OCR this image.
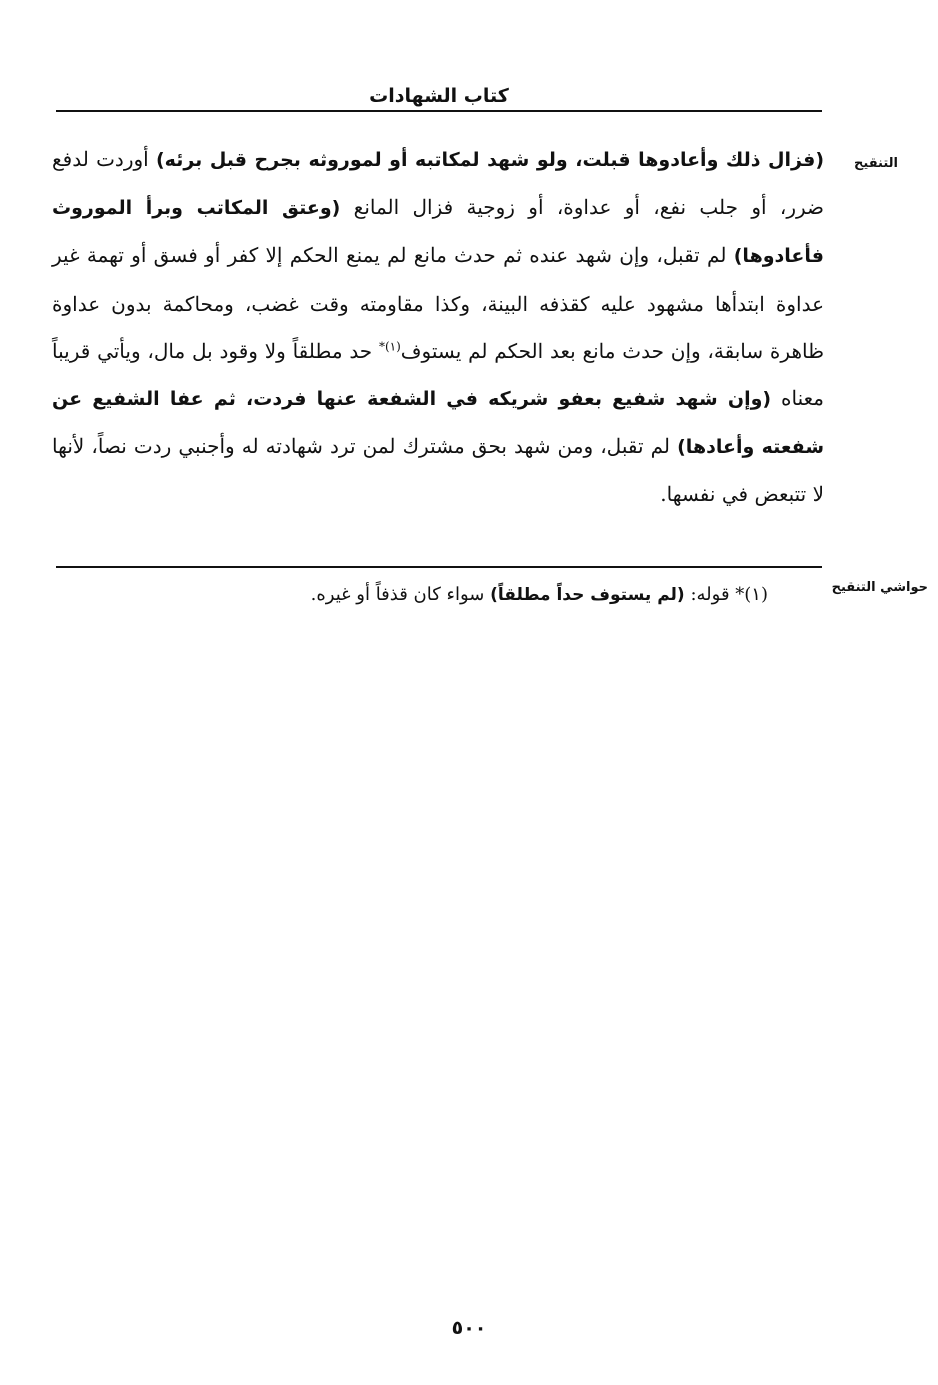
كتاب الشهادات
التنقيح

(فزال ذلك وأعادوها قبلت، ولو شهد لمكاتبه أو لموروثه بجرح قبل برئه) أوردت لدفع ضرر، أو جلب نفع، أو عداوة، أو زوجية فزال المانع (وعتق المكاتب وبرأ الموروث فأعادوها) لم تقبل، وإن شهد عنده ثم حدث مانع لم يمنع الحكم إلا كفر أو فسق أو تهمة غير عداوة ابتدأها مشهود عليه كقذفه البينة، وكذا مقاومته وقت غضب، ومحاكمة بدون عداوة ظاهرة سابقة، وإن حدث مانع بعد الحكم لم يستوف$^{(١)*}$ حد مطلقاً ولا وقود بل مال، ويأتي قريباً معناه (وإن شهد شفيع بعفو شريكه في الشفعة عنها فردت، ثم عفا الشفيع عن شفعته وأعادها) لم تقبل، ومن شهد بحق مشترك لمن ترد شهادته له وأجنبي ردت نصاً، لأنها لا تتبعض في نفسها.

حواشي التنقيح

(١)* قوله: (لم يستوف حداً مطلقاً) سواء كان قذفاً أو غيره.

٥٠٠
